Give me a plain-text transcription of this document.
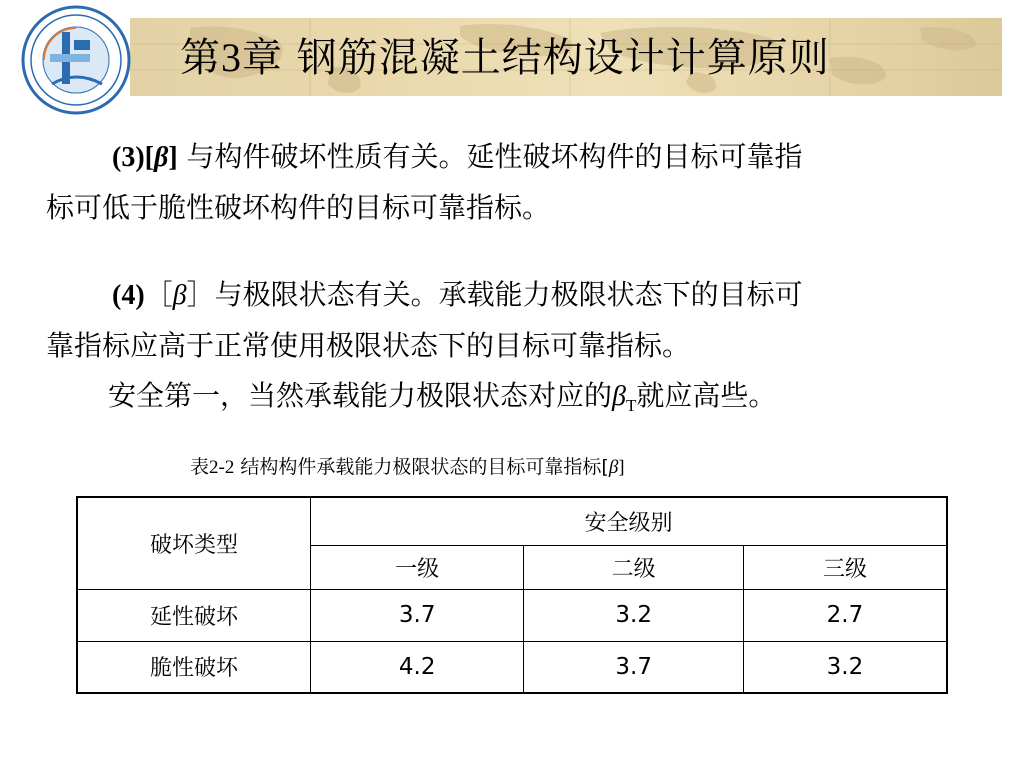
第3章 钢筋混凝土结构设计计算原则
(3)[β] 与构件破坏性质有关。延性破坏构件的目标可靠指
标可低于脆性破坏构件的目标可靠指标。
(4)［β］与极限状态有关。承载能力极限状态下的目标可
靠指标应高于正常使用极限状态下的目标可靠指标。
安全第一，当然承载能力极限状态对应的$\beta_T$就应高些。
表2-2 结构构件承载能力极限状态的目标可靠指标[β]
破坏类型	安全级别		
	一级	二级	三级
延性破坏	3.7	3.2	2.7
脆性破坏	4.2	3.7	3.2
